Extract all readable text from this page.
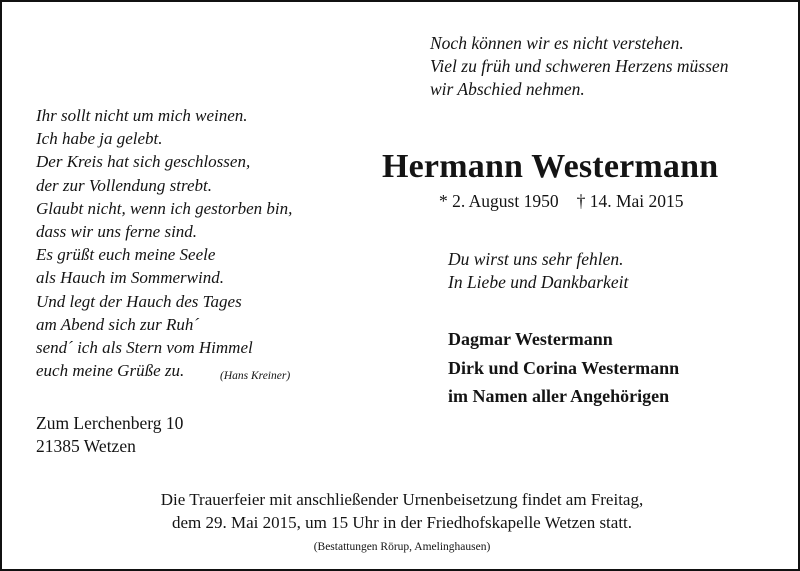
Noch können wir es nicht verstehen.
Viel zu früh und schweren Herzens müssen
wir Abschied nehmen.
Ihr sollt nicht um mich weinen.
Ich habe ja gelebt.
Der Kreis hat sich geschlossen,
der zur Vollendung strebt.
Glaubt nicht, wenn ich gestorben bin,
dass wir uns ferne sind.
Es grüßt euch meine Seele
als Hauch im Sommerwind.
Und legt der Hauch des Tages
am Abend sich zur Ruh´
send´ ich als Stern vom Himmel
euch meine Grüße zu.	(Hans Kreiner)
Hermann Westermann
* 2. August 1950 † 14. Mai 2015
Du wirst uns sehr fehlen.
In Liebe und Dankbarkeit
Dagmar Westermann
Dirk und Corina Westermann
im Namen aller Angehörigen
Zum Lerchenberg 10
21385 Wetzen
Die Trauerfeier mit anschließender Urnenbeisetzung findet am Freitag,
dem 29. Mai 2015, um 15 Uhr in der Friedhofskapelle Wetzen statt.
(Bestattungen Rörup, Amelinghausen)
